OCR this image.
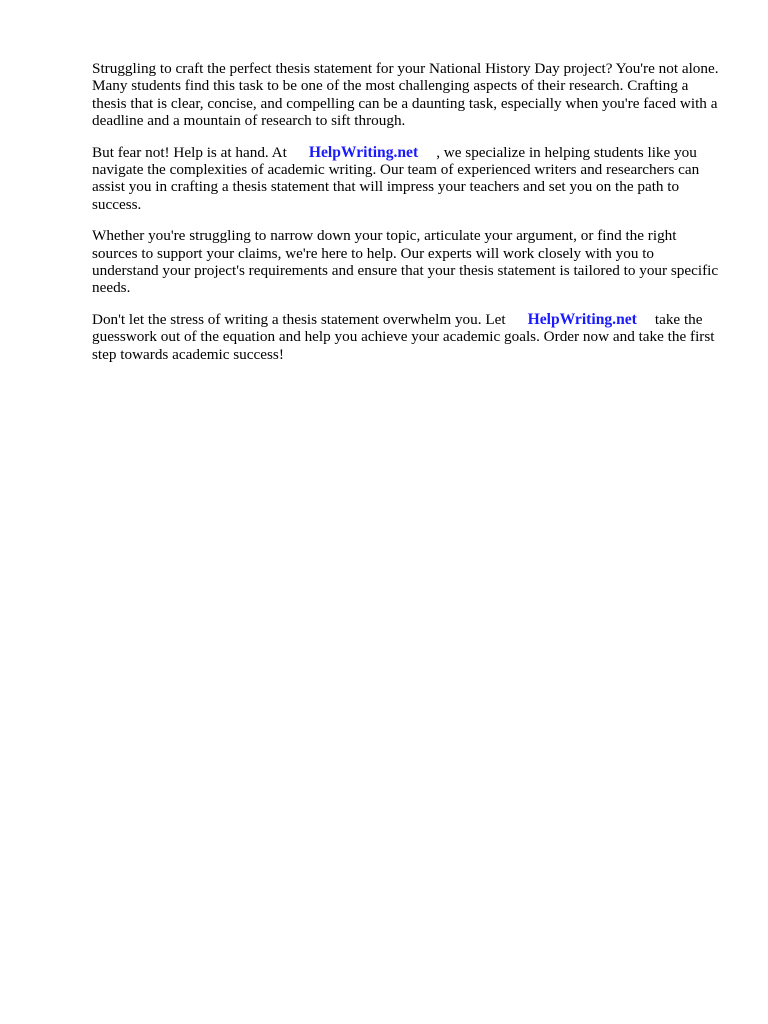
Struggling to craft the perfect thesis statement for your National History Day project? You're not alone. Many students find this task to be one of the most challenging aspects of their research. Crafting a thesis that is clear, concise, and compelling can be a daunting task, especially when you're faced with a deadline and a mountain of research to sift through.

But fear not! Help is at hand. At HelpWriting.net , we specialize in helping students like you navigate the complexities of academic writing. Our team of experienced writers and researchers can assist you in crafting a thesis statement that will impress your teachers and set you on the path to success.

Whether you're struggling to narrow down your topic, articulate your argument, or find the right sources to support your claims, we're here to help. Our experts will work closely with you to understand your project's requirements and ensure that your thesis statement is tailored to your specific needs.

Don't let the stress of writing a thesis statement overwhelm you. Let HelpWriting.net take the guesswork out of the equation and help you achieve your academic goals. Order now and take the first step towards academic success!
